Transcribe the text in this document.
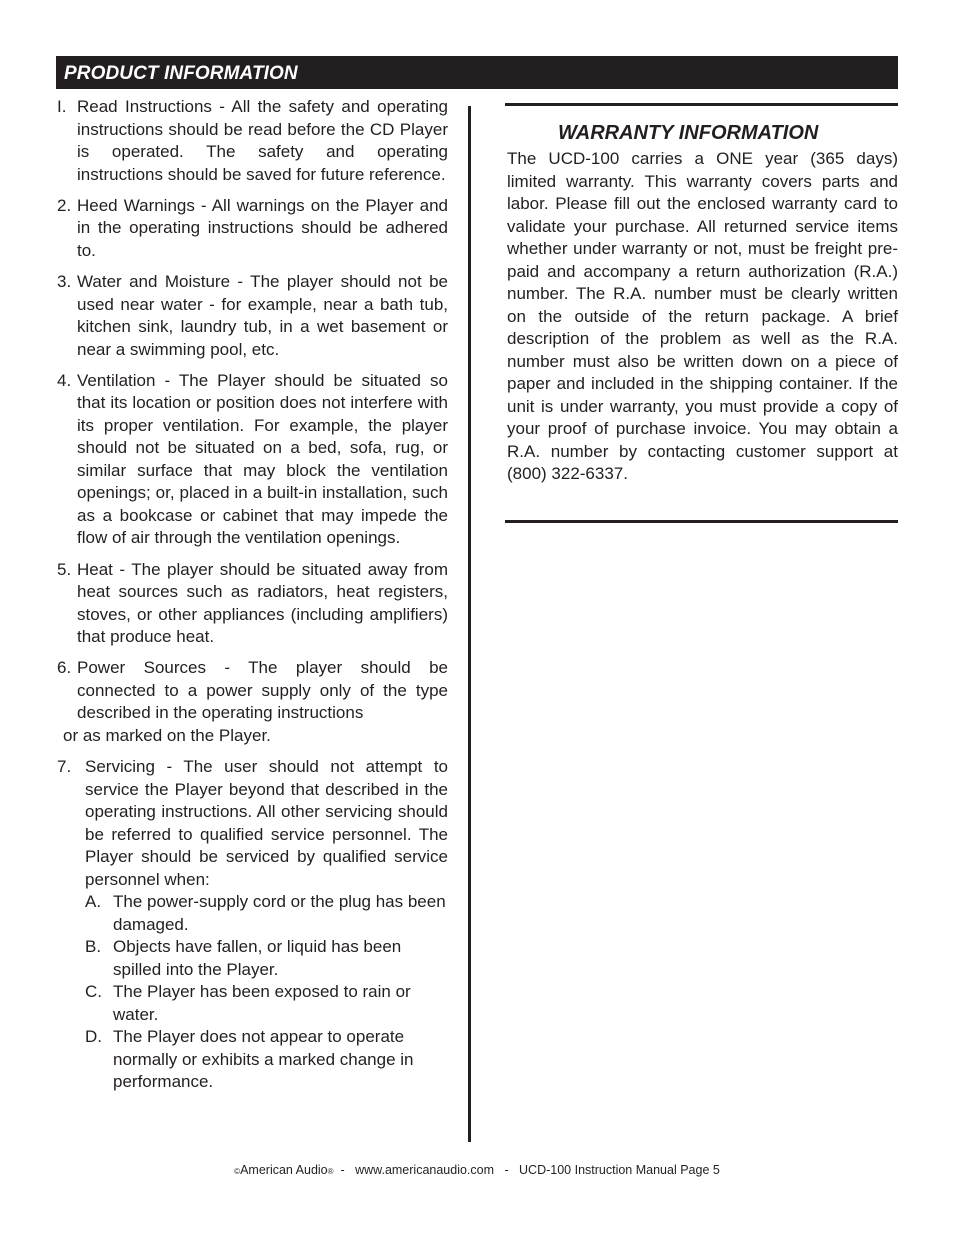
PRODUCT INFORMATION
I. Read Instructions - All the safety and operating instructions should be read before the CD Player is operated. The safety and operating instructions should be saved for future reference.
2. Heed Warnings - All warnings on the Player and in the operating instructions should be adhered to.
3. Water and Moisture - The player should not be used near water - for example, near a bath tub, kitchen sink, laundry tub, in a wet basement or near a swimming pool, etc.
4. Ventilation - The Player should be situated so that its location or position does not interfere with its proper ventilation. For example, the player should not be situated on a bed, sofa, rug, or similar surface that may block the ventilation openings; or, placed in a built-in installation, such as a bookcase or cabinet that may impede the flow of air through the ventilation openings.
5. Heat - The player should be situated away from heat sources such as radiators, heat registers, stoves, or other appliances (including amplifiers) that produce heat.
6. Power Sources - The player should be connected to a power supply only of the type described in the operating instructions
or as marked on the Player.
7. Servicing - The user should not attempt to service the Player beyond that described in the operating instructions. All other servicing should be referred to qualified service personnel. The Player should be serviced by qualified service personnel when:
A. The power-supply cord or the plug has been damaged.
B. Objects have fallen, or liquid has been spilled into the Player.
C. The Player has been exposed to rain or water.
D. The Player does not appear to operate normally or exhibits a marked change in performance.
WARRANTY INFORMATION
The UCD-100 carries a ONE year (365 days) limited warranty. This warranty covers parts and labor. Please fill out the enclosed warranty card to validate your purchase. All returned service items whether under warranty or not, must be freight pre-paid and accompany a return authorization (R.A.) number. The R.A. number must be clearly written on the outside of the return package. A brief description of the problem as well as the R.A. number must also be written down on a piece of paper and included in the shipping container. If the unit is under warranty, you must provide a copy of your proof of purchase invoice. You may obtain a R.A. number by contacting customer support at (800) 322-6337.
©American Audio®  -   www.americanaudio.com   -   UCD-100 Instruction Manual Page 5
